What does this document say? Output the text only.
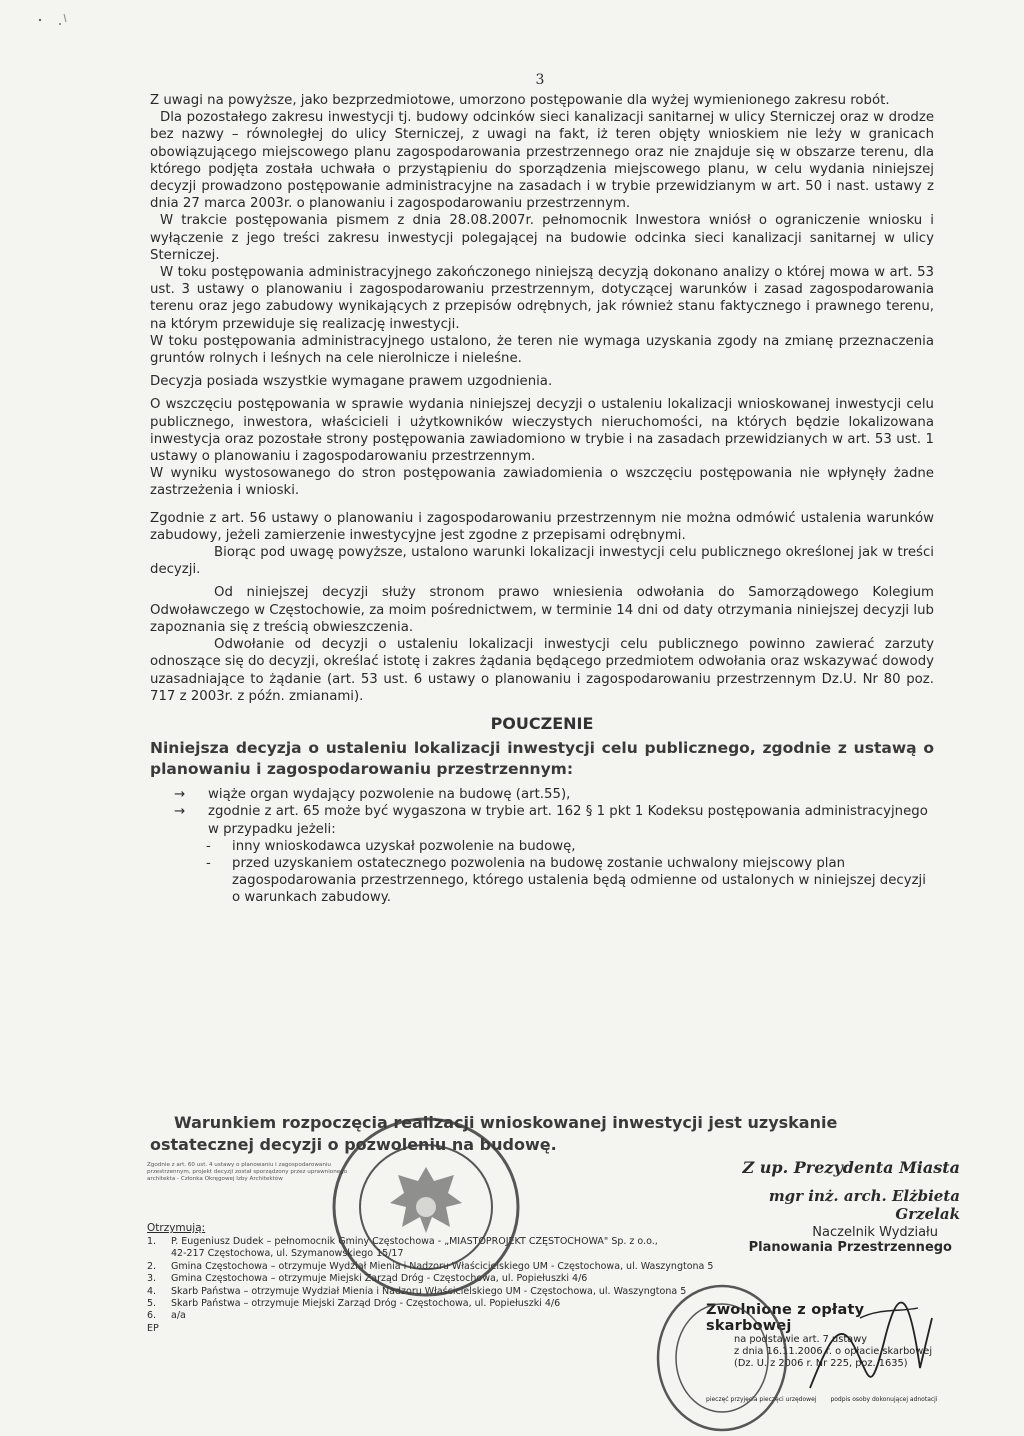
3

Z uwagi na powyższe, jako bezprzedmiotowe, umorzono postępowanie dla wyżej wymienionego zakresu robót.

Dla pozostałego zakresu inwestycji tj. budowy odcinków sieci kanalizacji sanitarnej w ulicy Sterniczej oraz w drodze bez nazwy – równoległej do ulicy Sterniczej, z uwagi na fakt, iż teren objęty wnioskiem nie leży w granicach obowiązującego miejscowego planu zagospodarowania przestrzennego oraz nie znajduje się w obszarze terenu, dla którego podjęta została uchwała o przystąpieniu do sporządzenia miejscowego planu, w celu wydania niniejszej decyzji prowadzono postępowanie administracyjne na zasadach i w trybie przewidzianym w art. 50 i nast. ustawy z dnia 27 marca 2003r. o planowaniu i zagospodarowaniu przestrzennym.

W trakcie postępowania pismem z dnia 28.08.2007r. pełnomocnik Inwestora wniósł o ograniczenie wniosku i wyłączenie z jego treści zakresu inwestycji polegającej na budowie odcinka sieci kanalizacji sanitarnej w ulicy Sterniczej.

W toku postępowania administracyjnego zakończonego niniejszą decyzją dokonano analizy o której mowa w art. 53 ust. 3 ustawy o planowaniu i zagospodarowaniu przestrzennym, dotyczącej warunków i zasad zagospodarowania terenu oraz jego zabudowy wynikających z przepisów odrębnych, jak również stanu faktycznego i prawnego terenu, na którym przewiduje się realizację inwestycji.

W toku postępowania administracyjnego ustalono, że teren nie wymaga uzyskania zgody na zmianę przeznaczenia gruntów rolnych i leśnych na cele nierolnicze i nieleśne.

Decyzja posiada wszystkie wymagane prawem uzgodnienia.

O wszczęciu postępowania w sprawie wydania niniejszej decyzji o ustaleniu lokalizacji wnioskowanej inwestycji celu publicznego, inwestora, właścicieli i użytkowników wieczystych nieruchomości, na których będzie lokalizowana inwestycja oraz pozostałe strony postępowania zawiadomiono w trybie i na zasadach przewidzianych w art. 53 ust. 1 ustawy o planowaniu i zagospodarowaniu przestrzennym.

W wyniku wystosowanego do stron postępowania zawiadomienia o wszczęciu postępowania nie wpłynęły żadne zastrzeżenia i wnioski.

Zgodnie z art. 56 ustawy o planowaniu i zagospodarowaniu przestrzennym nie można odmówić ustalenia warunków zabudowy, jeżeli zamierzenie inwestycyjne jest zgodne z przepisami odrębnymi.

Biorąc pod uwagę powyższe, ustalono warunki lokalizacji inwestycji celu publicznego określonej jak w treści decyzji.

Od niniejszej decyzji służy stronom prawo wniesienia odwołania do Samorządowego Kolegium Odwoławczego w Częstochowie, za moim pośrednictwem, w terminie 14 dni od daty otrzymania niniejszej decyzji lub zapoznania się z treścią obwieszczenia.

Odwołanie od decyzji o ustaleniu lokalizacji inwestycji celu publicznego powinno zawierać zarzuty odnoszące się do decyzji, określać istotę i zakres żądania będącego przedmiotem odwołania oraz wskazywać dowody uzasadniające to żądanie (art. 53 ust. 6 ustawy o planowaniu i zagospodarowaniu przestrzennym Dz.U. Nr 80 poz. 717 z 2003r. z późn. zmianami).

POUCZENIE

Niniejsza decyzja o ustaleniu lokalizacji inwestycji celu publicznego, zgodnie z ustawą o planowaniu i zagospodarowaniu przestrzennym:

→ wiąże organ wydający pozwolenie na budowę (art.55),
→ zgodnie z art. 65 może być wygaszona w trybie art. 162 § 1 pkt 1 Kodeksu postępowania administracyjnego w przypadku jeżeli:
- inny wnioskodawca uzyskał pozwolenie na budowę,
- przed uzyskaniem ostatecznego pozwolenia na budowę zostanie uchwalony miejscowy plan zagospodarowania przestrzennego, którego ustalenia będą odmienne od ustalonych w niniejszej decyzji o warunkach zabudowy.
Warunkiem rozpoczęcia realizacji wnioskowanej inwestycji jest uzyskanie
ostatecznej decyzji o pozwoleniu na budowę.
Zgodnie z art. 60 ust. 4 ustawy o planowaniu i zagospodarowaniu przestrzennym, projekt decyzji został sporządzony przez uprawnionego architekta - Członka Okręgowej Izby Architektów
Z up. Prezydenta Miasta
mgr inż. arch. Elżbieta Grzelak
Naczelnik Wydziału
Planowania Przestrzennego
Otrzymują:
1. P. Eugeniusz Dudek – pełnomocnik Gminy Częstochowa - „MIASTOPROJEKT CZĘSTOCHOWA" Sp. z o.o.,
42-217 Częstochowa, ul. Szymanowskiego 15/17
2. Gmina Częstochowa – otrzymuje Wydział Mienia i Nadzoru Właścicielskiego UM - Częstochowa, ul. Waszyngtona 5
3. Gmina Częstochowa – otrzymuje Miejski Zarząd Dróg - Częstochowa, ul. Popiełuszki 4/6
4. Skarb Państwa – otrzymuje Wydział Mienia i Nadzoru Właścicielskiego UM - Częstochowa, ul. Waszyngtona 5
5. Skarb Państwa – otrzymuje Miejski Zarząd Dróg - Częstochowa, ul. Popiełuszki 4/6
6. a/a
EP
Zwolnione z opłaty skarbowej
na podstawie art. 7 ustawy
z dnia 16.11.2006 r. o opłacie skarbowej
(Dz. U. z 2006 r. Nr 225, poz. 1635)
pieczęć przyjęcia pieczęci urzędowej podpis osoby dokonującej adnotacji
